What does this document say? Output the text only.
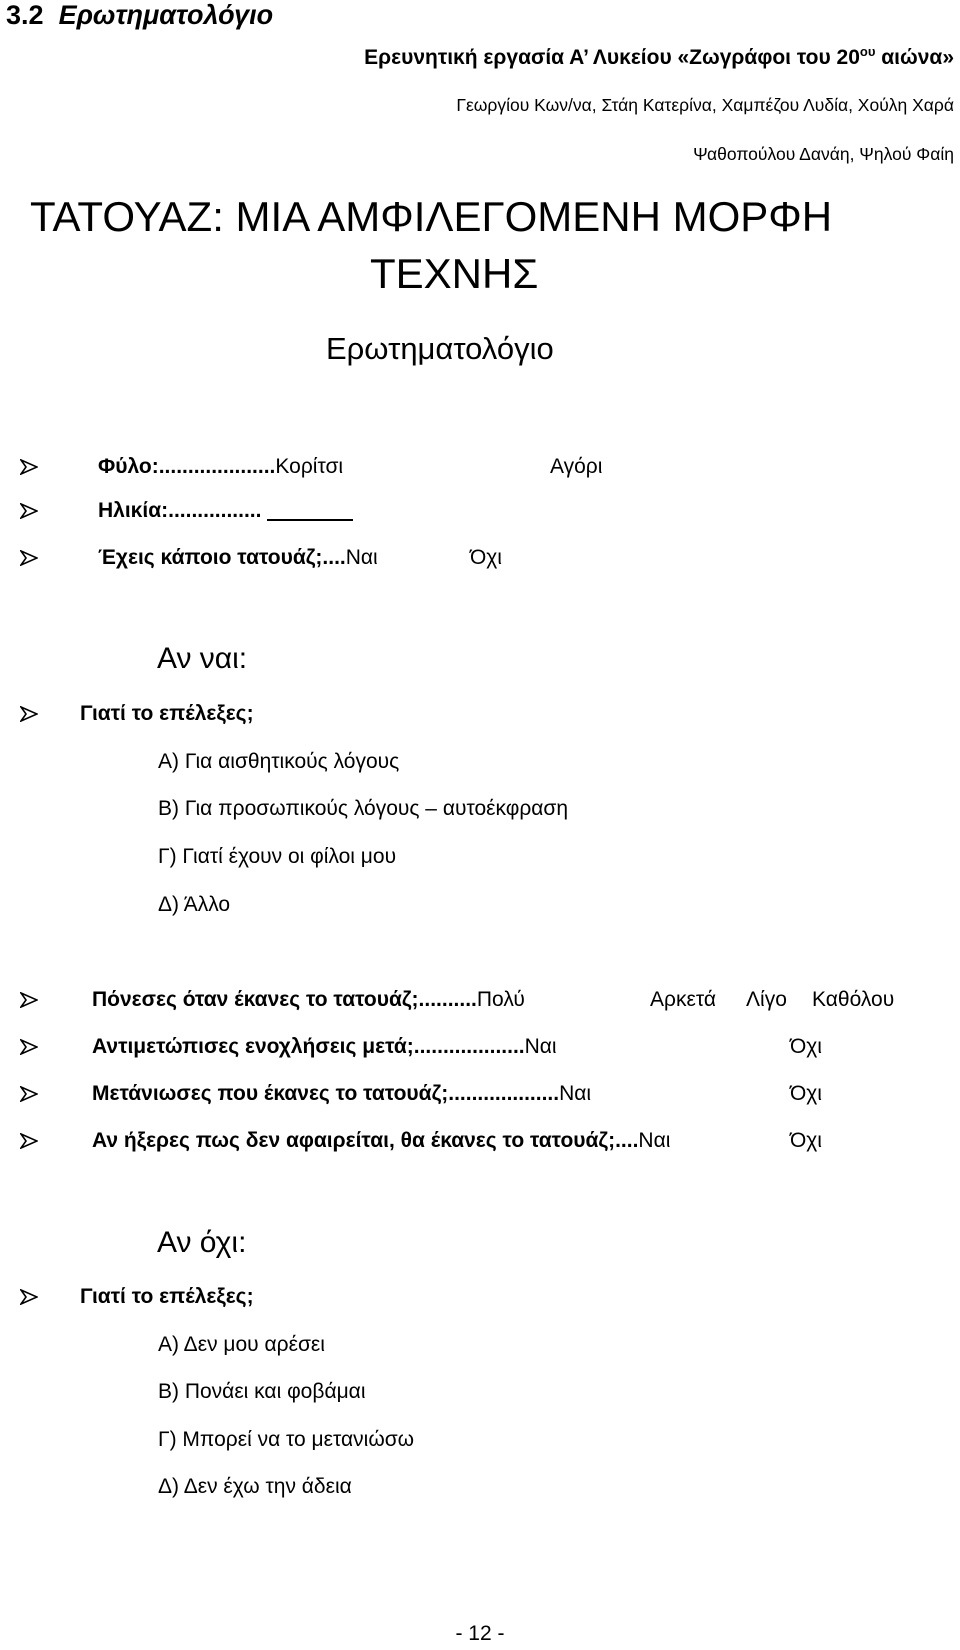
3.2 Ερωτηματολόγιο
Ερευνητική εργασία Α’ Λυκείου «Ζωγράφοι του $20^{o\upsilon}$ αιώνα»
Γεωργίου Κων/να, Στάη Κατερίνα, Χαμπέζου Λυδία, Χούλη Χαρά
Ψαθοπούλου Δανάη, Ψηλού Φαίη
ΤΑΤΟΥΑΖ: ΜΙΑ ΑΜΦΙΛΕΓΟΜΕΝΗ ΜΟΡΦΗ
ΤΕΧΝΗΣ
Ερωτηματολόγιο
Φύλο:....................Κορίτσι	Αγόρι
Ηλικία:................
Έχεις κάποιο τατουάζ;.... Ναι	Όχι
Αν ναι:
Γιατί το επέλεξες;
Α) Για αισθητικούς λόγους
Β) Για προσωπικούς λόγους – αυτοέκφραση
Γ) Γιατί έχουν οι φίλοι μου
Δ) Άλλο
Πόνεσες όταν έκανες το τατουάζ;.......... Πολύ	Αρκετά Λίγο Καθόλου
Αντιμετώπισες ενοχλήσεις μετά;................... Ναι	Όχι
Μετάνιωσες που έκανες το τατουάζ;................... Ναι	Όχι
Αν ήξερες πως δεν αφαιρείται, θα έκανες το τατουάζ;.... Ναι	Όχι
Αν όχι:
Γιατί το επέλεξες;
Α) Δεν μου αρέσει
Β) Πονάει και φοβάμαι
Γ) Μπορεί να το μετανιώσω
Δ) Δεν έχω την άδεια
- 12 -
